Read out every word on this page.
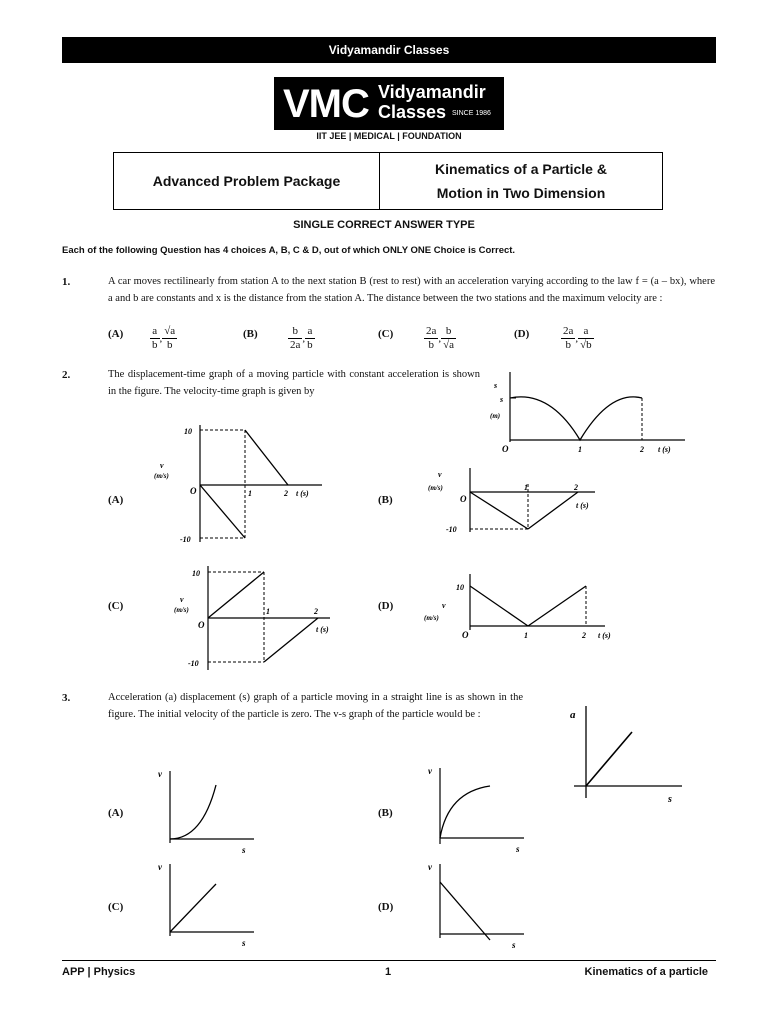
Vidyamandir Classes
VMC Vidyamandir
Classes SINCE 1986
IIT JEE | MEDICAL | FOUNDATION
Advanced Problem Package
Kinematics of a Particle &
Motion in Two Dimension
SINGLE CORRECT ANSWER TYPE
Each of the following Question has 4 choices A, B, C & D, out of which ONLY ONE Choice is Correct.
1.	A car moves rectilinearly from station A to the next station B (rest to rest) with an acceleration varying according to the law f = (a – bx), where a and b are constants and x is the distance from the station A. The distance between the two stations and the maximum velocity are :
$(A) \frac{a}{b}$ , $\frac{√a}{b}$	(B)	$\frac{b}{2a}$ , $\frac{a}{b}$	(C)	$\frac{2a}{b}$ , $\frac{b}{√a}$	(D)	$\frac{2a}{b}$ , $\frac{a}{√b}$
2.	The displacement-time graph of a moving particle with constant acceleration is shown in the figure. The velocity-time graph is given by
s
s
(m)
O	1	2 t (s)
(A)
10
-10
v
(m/s)
O	1	2 t (s)
(B)
v
(m/s)
O
1	2
t (s)
-10
(C)
10
-10
v
(m/s)
O
1	2
t (s)
(D)
10
v
(m/s)
O	1	2 t (s)
3.	Acceleration (a) displacement (s) graph of a particle moving in a straight line is as shown in the figure. The initial velocity of the particle is zero. The v-s graph of the particle would be :	a
s
(A)
v
s
(B)
v
s
(C)
v
s
(D)
v
s
APP | Physics	1	Kinematics of a particle
